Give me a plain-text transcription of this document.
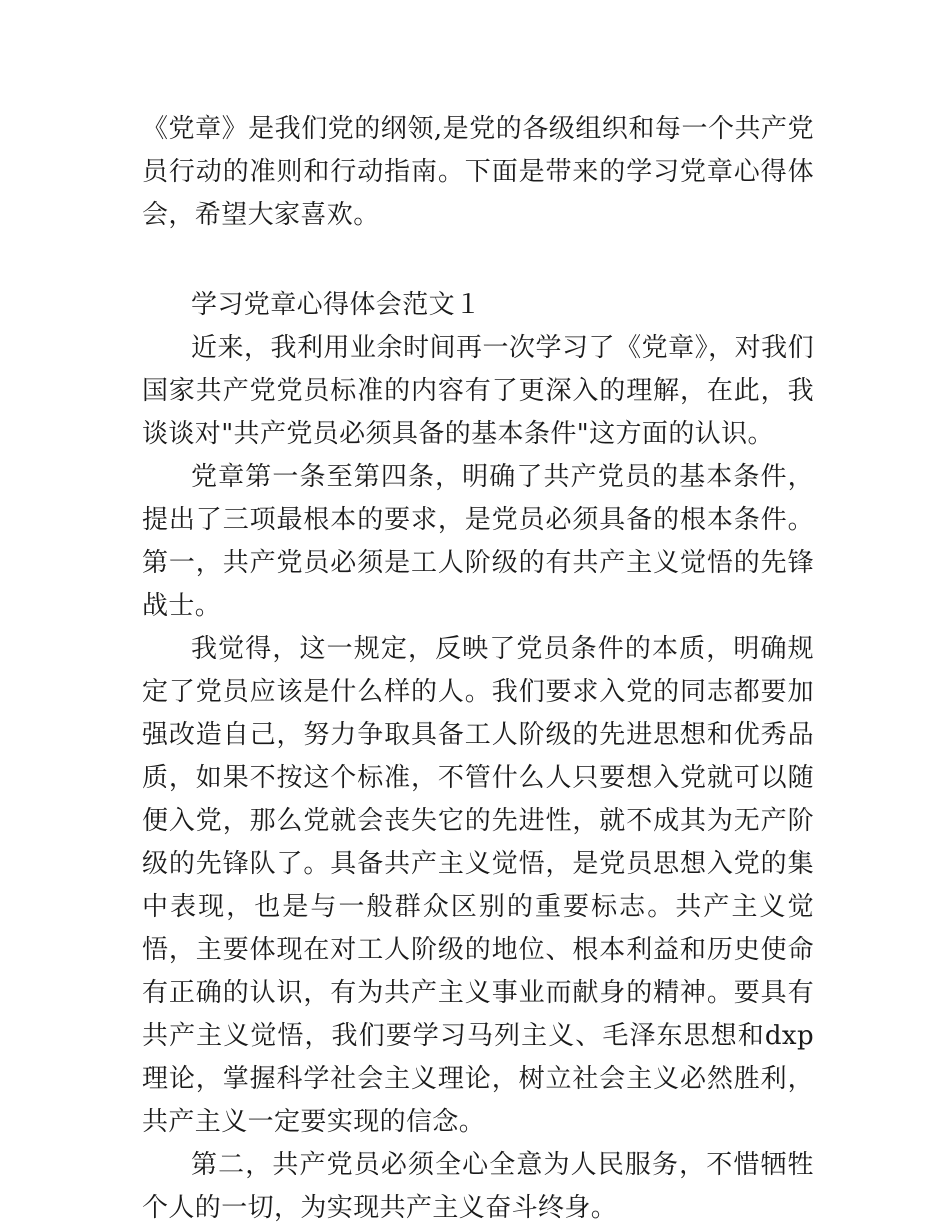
《党章》是我们党的纲领,是党的各级组织和每一个共产党员行动的准则和行动指南。下面是带来的学习党章心得体会，希望大家喜欢。

学习党章心得体会范文１

近来，我利用业余时间再一次学习了《党章》，对我们国家共产党党员标准的内容有了更深入的理解，在此，我谈谈对"共产党员必须具备的基本条件"这方面的认识。

党章第一条至第四条，明确了共产党员的基本条件，提出了三项最根本的要求，是党员必须具备的根本条件。第一，共产党员必须是工人阶级的有共产主义觉悟的先锋战士。

我觉得，这一规定，反映了党员条件的本质，明确规定了党员应该是什么样的人。我们要求入党的同志都要加强改造自己，努力争取具备工人阶级的先进思想和优秀品质，如果不按这个标准，不管什么人只要想入党就可以随便入党，那么党就会丧失它的先进性，就不成其为无产阶级的先锋队了。具备共产主义觉悟，是党员思想入党的集中表现，也是与一般群众区别的重要标志。共产主义觉悟，主要体现在对工人阶级的地位、根本利益和历史使命有正确的认识，有为共产主义事业而献身的精神。要具有共产主义觉悟，我们要学习马列主义、毛泽东思想和dxp理论，掌握科学社会主义理论，树立社会主义必然胜利，共产主义一定要实现的信念。

第二，共产党员必须全心全意为人民服务，不惜牺牲个人的一切，为实现共产主义奋斗终身。
